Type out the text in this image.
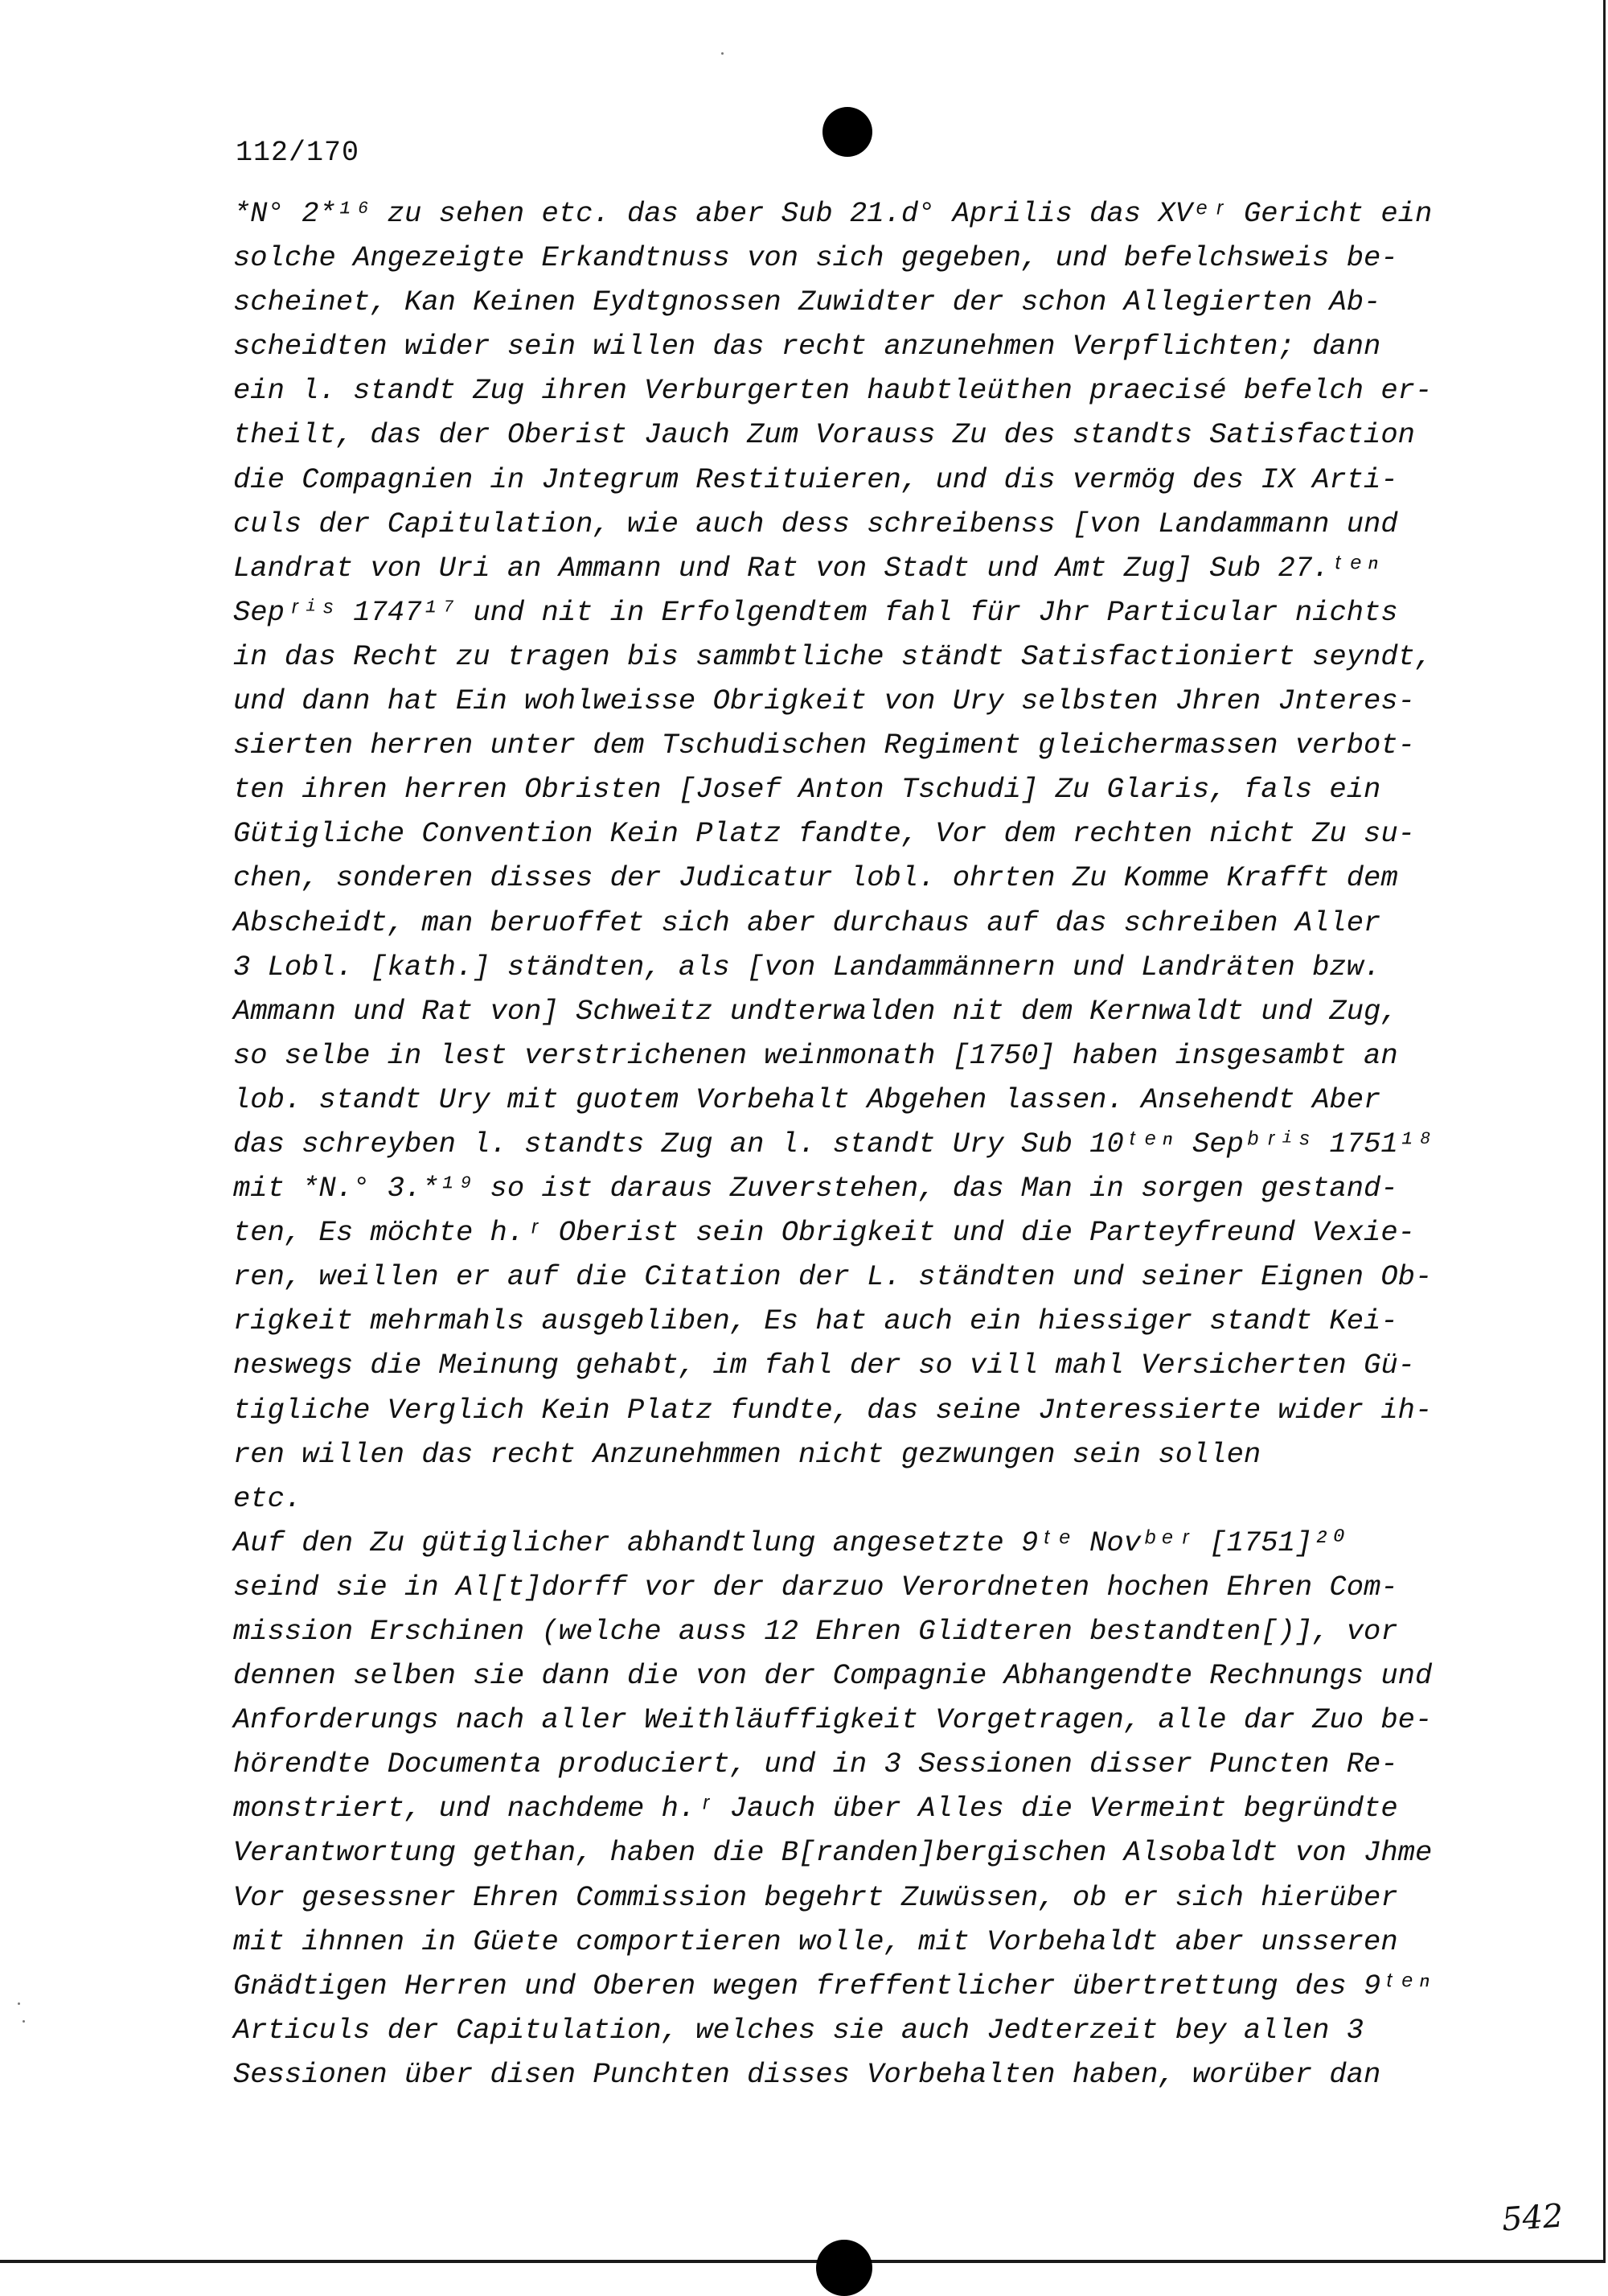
112/170
*N° 2*¹⁶ zu sehen etc. das aber Sub 21.d° Aprilis das XVᵉʳ Gericht ein
solche Angezeigte Erkandtnuss von sich gegeben, und befelchsweis be-
scheinet, Kan Keinen Eydtgnossen Zuwidter der schon Allegierten Ab-
scheidten wider sein willen das recht anzunehmen Verpflichten; dann
ein l. standt Zug ihren Verburgerten haubtleüthen praecisé befelch er-
theilt, das der Oberist Jauch Zum Vorauss Zu des standts Satisfaction
die Compagnien in Jntegrum Restituieren, und dis vermög des IX Arti-
culs der Capitulation, wie auch dess schreibenss [von Landammann und
Landrat von Uri an Ammann und Rat von Stadt und Amt Zug] Sub 27.ᵗᵉⁿ
Sepʳⁱˢ 1747¹⁷ und nit in Erfolgendtem fahl für Jhr Particular nichts
in das Recht zu tragen bis sammbtliche ständt Satisfactioniert seyndt,
und dann hat Ein wohlweisse Obrigkeit von Ury selbsten Jhren Jnteres-
sierten herren unter dem Tschudischen Regiment gleichermassen verbot-
ten ihren herren Obristen [Josef Anton Tschudi] Zu Glaris, fals ein
Gütigliche Convention Kein Platz fandte, Vor dem rechten nicht Zu su-
chen, sonderen disses der Judicatur lobl. ohrten Zu Komme Krafft dem
Abscheidt, man beruoffet sich aber durchaus auf das schreiben Aller
3 Lobl. [kath.] ständten, als [von Landammännern und Landräten bzw.
Ammann und Rat von] Schweitz undterwalden nit dem Kernwaldt und Zug,
so selbe in lest verstrichenen weinmonath [1750] haben insgesambt an
lob. standt Ury mit guotem Vorbehalt Abgehen lassen. Ansehendt Aber
das schreyben l. standts Zug an l. standt Ury Sub 10ᵗᵉⁿ Sepᵇʳⁱˢ 1751¹⁸
mit *N.° 3.*¹⁹ so ist daraus Zuverstehen, das Man in sorgen gestand-
ten, Es möchte h.ʳ Oberist sein Obrigkeit und die Parteyfreund Vexie-
ren, weillen er auf die Citation der L. ständten und seiner Eignen Ob-
rigkeit mehrmahls ausgebliben, Es hat auch ein hiessiger standt Kei-
neswegs die Meinung gehabt, im fahl der so vill mahl Versicherten Gü-
tigliche Verglich Kein Platz fundte, das seine Jnteressierte wider ih-
ren willen das recht Anzunehmmen nicht gezwungen sein sollen
etc.
Auf den Zu gütiglicher abhandtlung angesetzte 9ᵗᵉ Novᵇᵉʳ [1751]²⁰
seind sie in Al[t]dorff vor der darzuo Verordneten hochen Ehren Com-
mission Erschinen (welche auss 12 Ehren Glidteren bestandten[)], vor
dennen selben sie dann die von der Compagnie Abhangendte Rechnungs und
Anforderungs nach aller Weithläuffigkeit Vorgetragen, alle dar Zuo be-
hörendte Documenta produciert, und in 3 Sessionen disser Puncten Re-
monstriert, und nachdeme h.ʳ Jauch über Alles die Vermeint begründte
Verantwortung gethan, haben die B[randen]bergischen Alsobaldt von Jhme
Vor gesessner Ehren Commission begehrt Zuwüssen, ob er sich hierüber
mit ihnnen in Güete comportieren wolle, mit Vorbehaldt aber unsseren
Gnädtigen Herren und Oberen wegen freffentlicher übertrettung des 9ᵗᵉⁿ
Articuls der Capitulation, welches sie auch Jedterzeit bey allen 3
Sessionen über disen Punchten disses Vorbehalten haben, worüber dan
542
